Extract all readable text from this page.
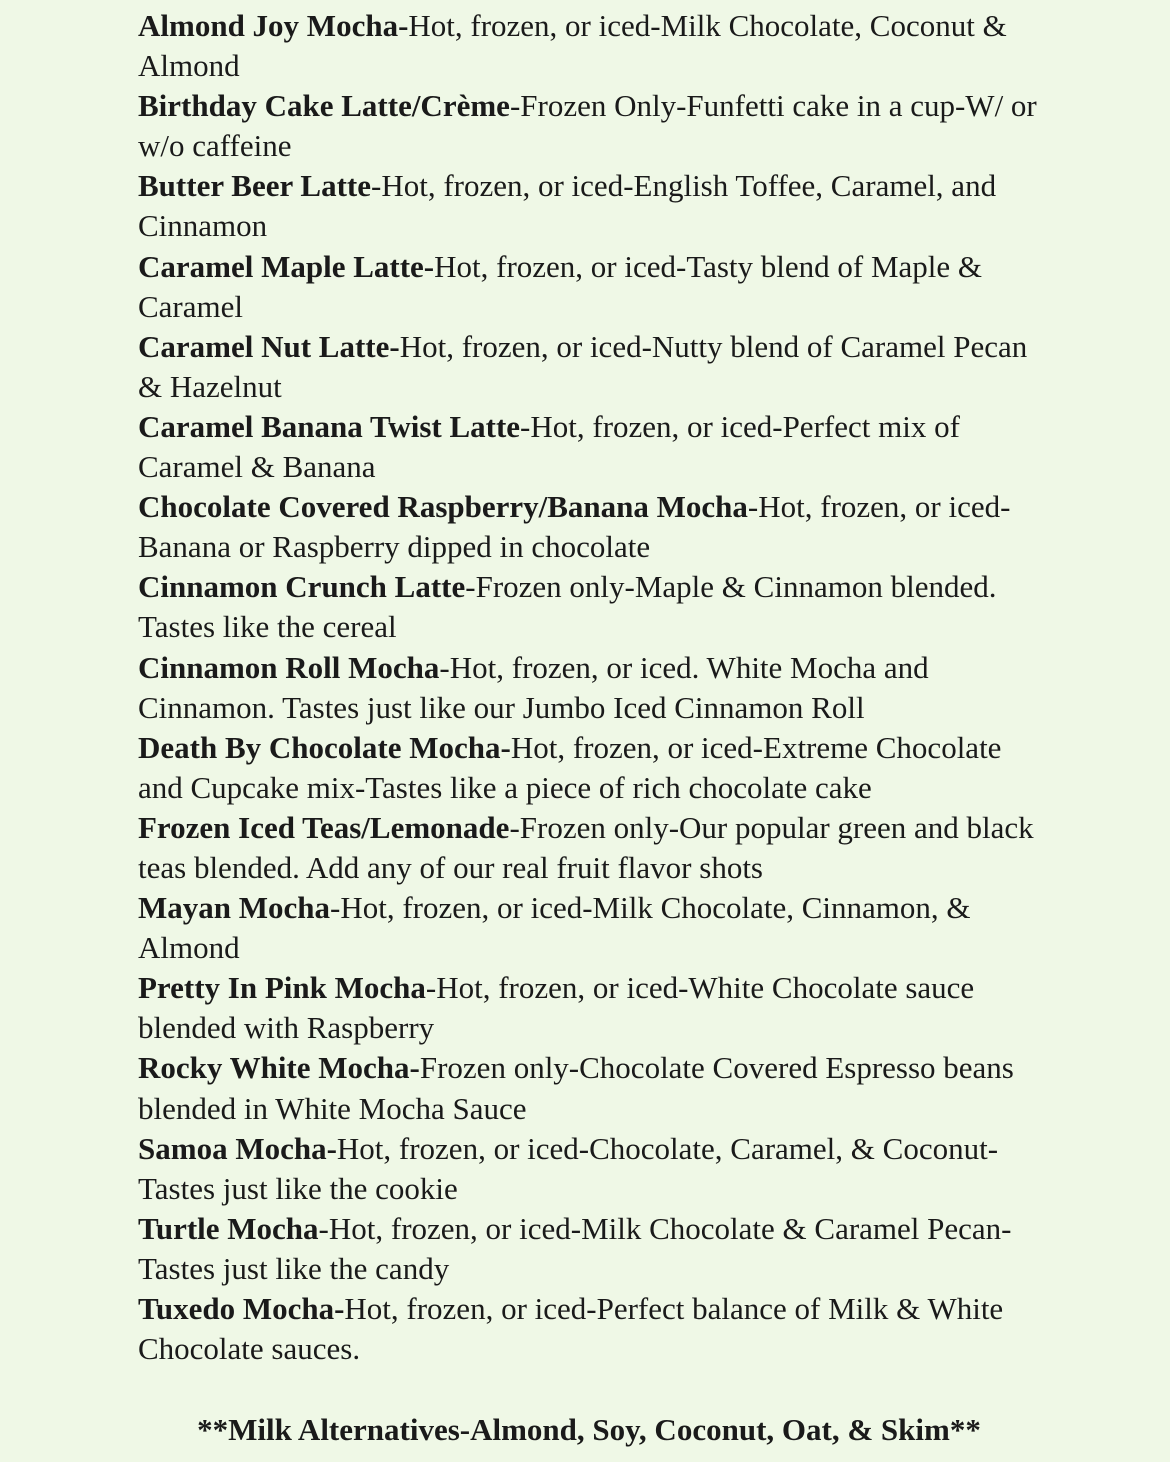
Almond Joy Mocha-Hot, frozen, or iced-Milk Chocolate, Coconut & Almond

Birthday Cake Latte/Crème-Frozen Only-Funfetti cake in a cup-W/ or w/o caffeine

Butter Beer Latte-Hot, frozen, or iced-English Toffee, Caramel, and Cinnamon

Caramel Maple Latte-Hot, frozen, or iced-Tasty blend of Maple & Caramel

Caramel Nut Latte-Hot, frozen, or iced-Nutty blend of Caramel Pecan & Hazelnut

Caramel Banana Twist Latte-Hot, frozen, or iced-Perfect mix of Caramel & Banana

Chocolate Covered Raspberry/Banana Mocha-Hot, frozen, or iced-Banana or Raspberry dipped in chocolate

Cinnamon Crunch Latte-Frozen only-Maple & Cinnamon blended. Tastes like the cereal

Cinnamon Roll Mocha-Hot, frozen, or iced. White Mocha and Cinnamon. Tastes just like our Jumbo Iced Cinnamon Roll

Death By Chocolate Mocha-Hot, frozen, or iced-Extreme Chocolate and Cupcake mix-Tastes like a piece of rich chocolate cake

Frozen Iced Teas/Lemonade-Frozen only-Our popular green and black teas blended. Add any of our real fruit flavor shots

Mayan Mocha-Hot, frozen, or iced-Milk Chocolate, Cinnamon, & Almond

Pretty In Pink Mocha-Hot, frozen, or iced-White Chocolate sauce blended with Raspberry

Rocky White Mocha-Frozen only-Chocolate Covered Espresso beans blended in White Mocha Sauce

Samoa Mocha-Hot, frozen, or iced-Chocolate, Caramel, & Coconut-Tastes just like the cookie

Turtle Mocha-Hot, frozen, or iced-Milk Chocolate & Caramel Pecan-Tastes just like the candy

Tuxedo Mocha-Hot, frozen, or iced-Perfect balance of Milk & White Chocolate sauces.

**Milk Alternatives-Almond, Soy, Coconut, Oat, & Skim**
